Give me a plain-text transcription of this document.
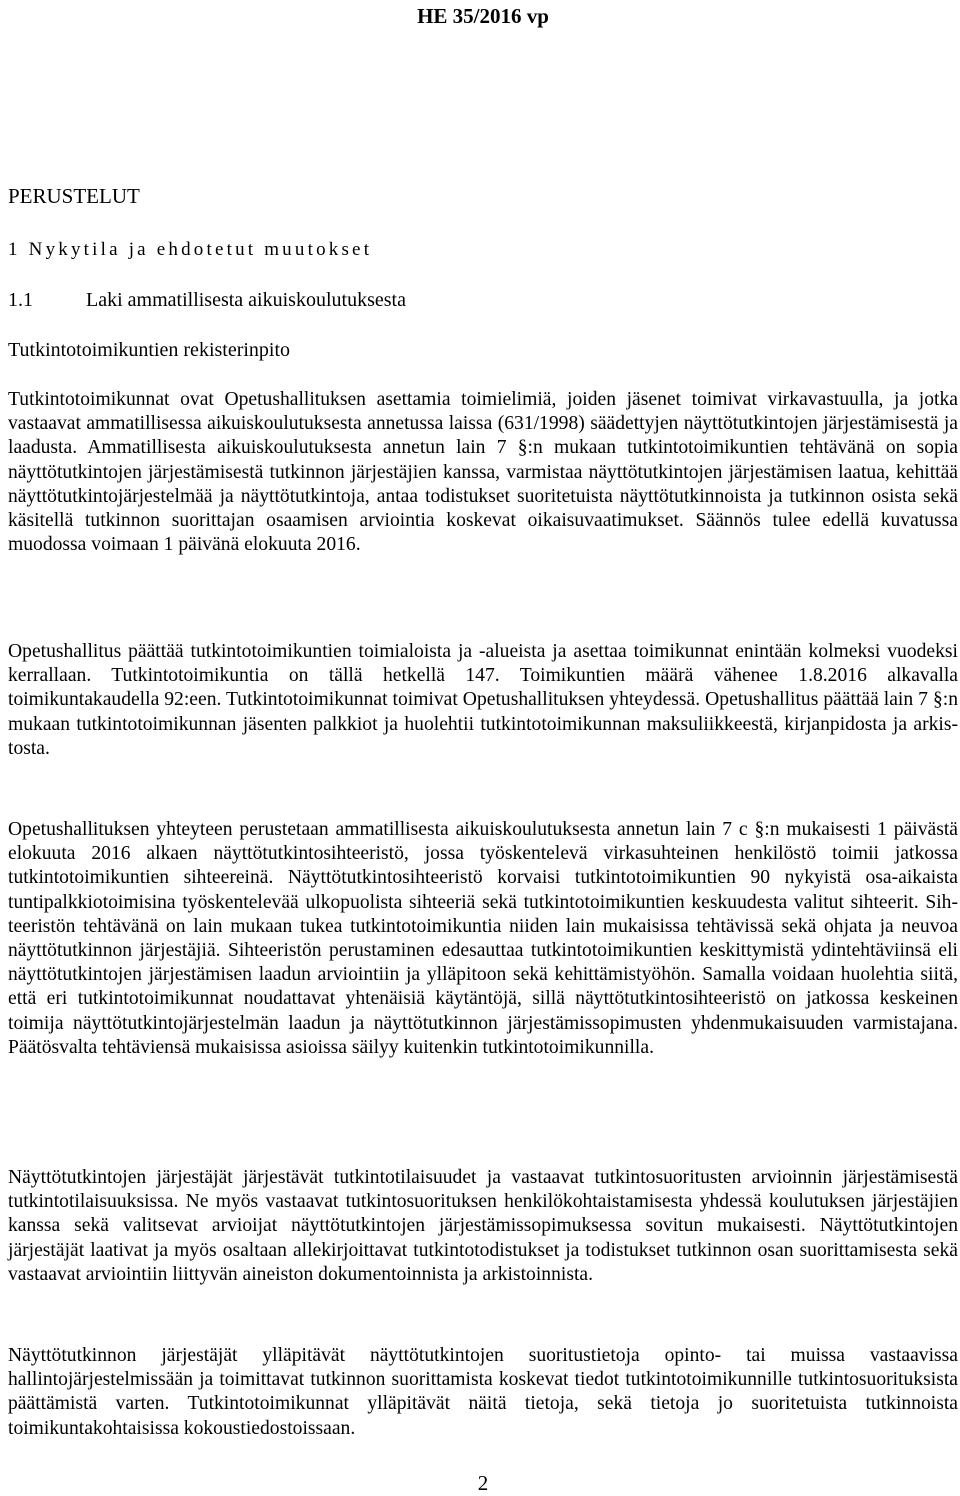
HE 35/2016 vp
PERUSTELUT
1 Nykytila ja ehdotetut muutokset
1.1	Laki ammatillisesta aikuiskoulutuksesta
Tutkintotoimikuntien rekisterinpito
Tutkintotoimikunnat ovat Opetushallituksen asettamia toimielimiä, joiden jäsenet toimivat virkavastuulla, ja jotka vastaavat ammatillisessa aikuiskoulutuksesta annetussa laissa (631/1998) säädettyjen näyttötutkintojen järjestämisestä ja laadusta. Ammatillisesta aikuiskoulutuksesta annetun lain 7 §:n mukaan tutkintotoimikuntien tehtävänä on sopia näyttötutkintojen järjestämisestä tutkinnon järjestäjien kanssa, varmistaa näyttötutkintojen järjestämisen laatua, kehittää näyttötutkintojärjestelmää ja näyttötutkintoja, antaa todistukset suoritetuista näyttötutkinnoista ja tutkinnon osista sekä käsitellä tutkinnon suorittajan osaamisen arviointia koskevat oikaisuvaatimukset. Säännös tulee edellä kuvatussa muodossa voimaan 1 päivänä elokuuta 2016.
Opetushallitus päättää tutkintotoimikuntien toimialoista ja -alueista ja asettaa toimikunnat enintään kolmeksi vuodeksi kerrallaan. Tutkintotoimikuntia on tällä hetkellä 147. Toimikuntien määrä vähenee 1.8.2016 alkavalla toimikuntakaudella 92:een. Tutkintotoimikunnat toimivat Opetushallituksen yhteydessä. Opetushallitus päättää lain 7 §:n mukaan tutkintotoimikunnan jäsenten palkkiot ja huolehtii tutkintotoimikunnan maksuliikkeestä, kirjanpidosta ja arkistosta.
Opetushallituksen yhteyteen perustetaan ammatillisesta aikuiskoulutuksesta annetun lain 7 c §:n mukaisesti 1 päivästä elokuuta 2016 alkaen näyttötutkintosihteeristö, jossa työskentelevä virkasuhteinen henkilöstö toimii jatkossa tutkintotoimikuntien sihteereinä. Näyttötutkintosihteeristö korvaisi tutkintotoimikuntien 90 nykyistä osa-aikaista tuntipalkkiotoimisina työskentelevää ulkopuolista sihteeriä sekä tutkintotoimikuntien keskuudesta valitut sihteerit. Sihteeristön tehtävänä on lain mukaan tukea tutkintotoimikuntia niiden lain mukaisissa tehtävissä sekä ohjata ja neuvoa näyttötutkinnon järjestäjiä. Sihteeristön perustaminen edesauttaa tutkintotoimikuntien keskittymistä ydintehtäviinsä eli näyttötutkintojen järjestämisen laadun arviointiin ja ylläpitoon sekä kehittämistyöhön. Samalla voidaan huolehtia siitä, että eri tutkintotoimikunnat noudattavat yhtenäisiä käytäntöjä, sillä näyttötutkintosihteeristö on jatkossa keskeinen toimija näyttötutkintojärjestelmän laadun ja näyttötutkinnon järjestämissopimusten yhdenmukaisuuden varmistajana. Päätösvalta tehtäviensä mukaisissa asioissa säilyy kuitenkin tutkintotoimikunnilla.
Näyttötutkintojen järjestäjät järjestävät tutkintotilaisuudet ja vastaavat tutkintosuoritusten arvioinnin järjestämisestä tutkintotilaisuuksissa. Ne myös vastaavat tutkintosuorituksen henkilökohtaistamisesta yhdessä koulutuksen järjestäjien kanssa sekä valitsevat arvioijat näyttötutkintojen järjestämissopimuksessa sovitun mukaisesti. Näyttötutkintojen järjestäjät laativat ja myös osaltaan allekirjoittavat tutkintotodistukset ja todistukset tutkinnon osan suorittamisesta sekä vastaavat arviointiin liittyvän aineiston dokumentoinnista ja arkistoinnista.
Näyttötutkinnon järjestäjät ylläpitävät näyttötutkintojen suoritustietoja opinto- tai muissa vastaavissa hallintojärjestelmissään ja toimittavat tutkinnon suorittamista koskevat tiedot tutkintotoimikunnille tutkintosuorituksista päättämistä varten. Tutkintotoimikunnat ylläpitävät näitä tietoja, sekä tietoja jo suoritetuista tutkinnoista toimikuntakohtaisissa kokoustiedostoissaan.
2
